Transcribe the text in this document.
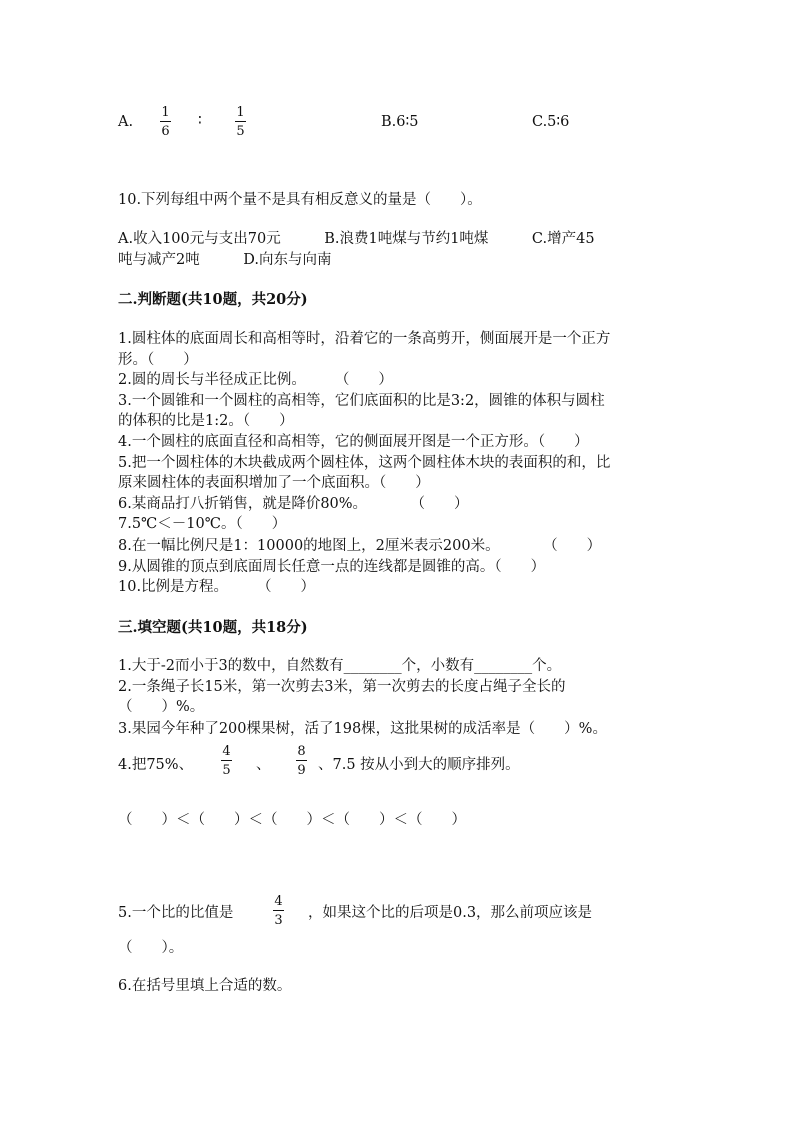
A.
1
6
∶
1
5
B.6∶5	C.5∶6
10.下列每组中两个量不是具有相反意义的量是（　　）。
A.收入100元与支出70元　　　B.浪费1吨煤与节约1吨煤　　　C.增产45
吨与减产2吨　　　D.向东与向南
二.判断题(共10题，共20分)
1.圆柱体的底面周长和高相等时，沿着它的一条高剪开，侧面展开是一个正方
形。（　　）
2.圆的周长与半径成正比例。　　　（　　）
3.一个圆锥和一个圆柱的高相等，它们底面积的比是3:2，圆锥的体积与圆柱
的体积的比是1:2。（　　）
4.一个圆柱的底面直径和高相等，它的侧面展开图是一个正方形。（　　）
5.把一个圆柱体的木块截成两个圆柱体，这两个圆柱体木块的表面积的和，比
原来圆柱体的表面积增加了一个底面积。（　　）
6.某商品打八折销售，就是降价80%。　　　　（　　）
7.5℃＜－10℃。（　　）
8.在一幅比例尺是1：10000的地图上，2厘米表示200米。　　　　（　　）
9.从圆锥的顶点到底面周长任意一点的连线都是圆锥的高。（　　）
10.比例是方程。　　　（　　）
三.填空题(共10题，共18分)
1.大于-2而小于3的数中，自然数有________个，小数有________个。
2.一条绳子长15米，第一次剪去3米，第一次剪去的长度占绳子全长的
（　　）%。
3.果园今年种了200棵果树，活了198棵，这批果树的成活率是（　　）%。
4.把75%、
4
5 、
8
9 、7.5 按从小到大的顺序排列。
（　　）＜（　　）＜（　　）＜（　　）＜（　　）
5.一个比的比值是
4
3 ，如果这个比的后项是0.3，那么前项应该是
（　　）。
6.在括号里填上合适的数。
